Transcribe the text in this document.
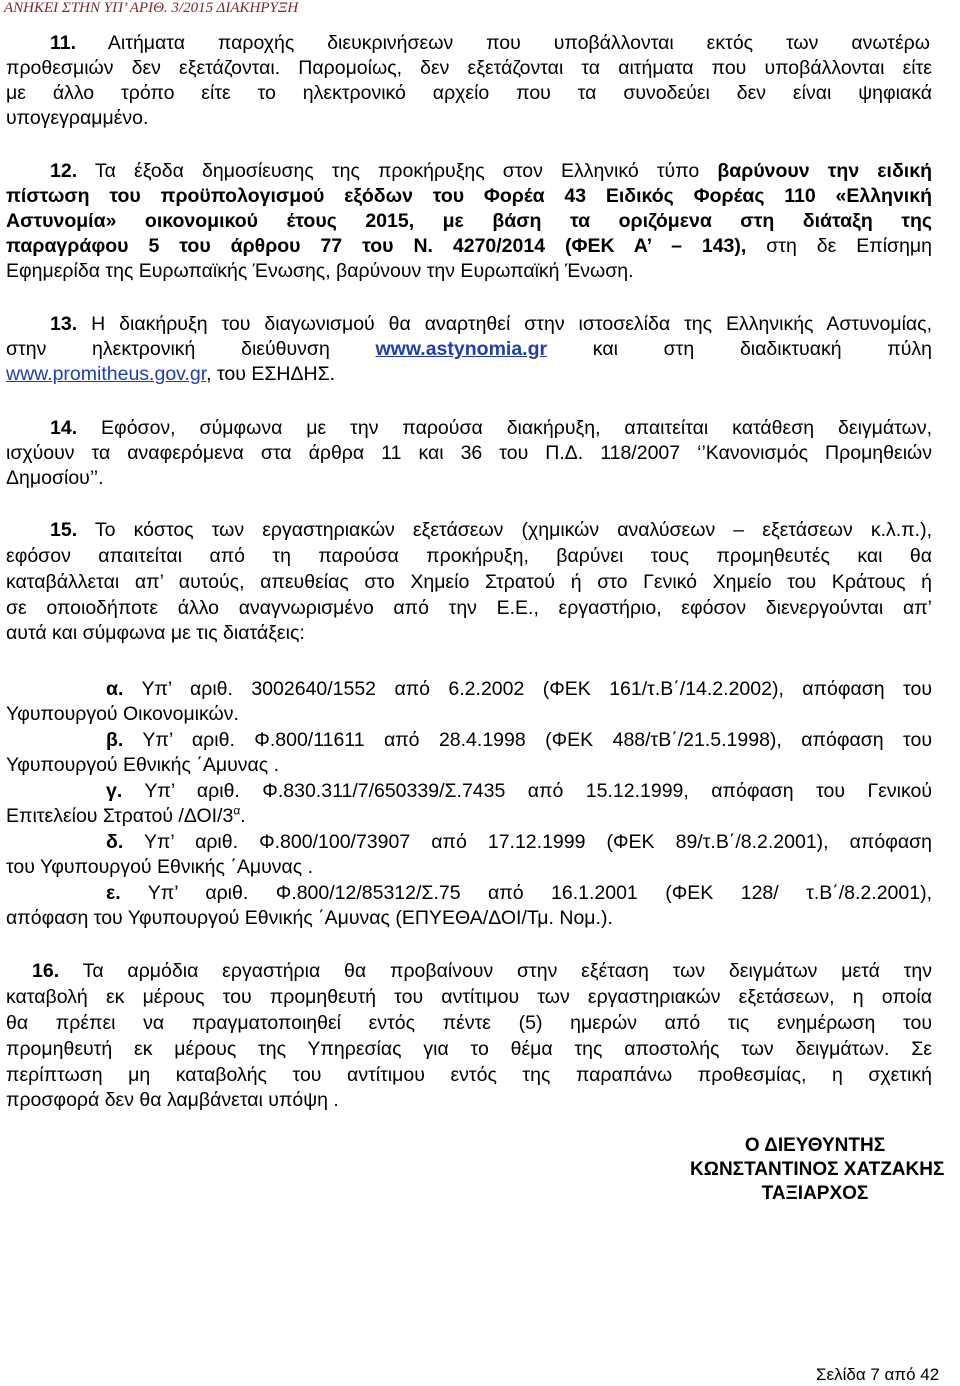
ΑΝΗΚΕΙ ΣΤΗΝ ΥΠ’ ΑΡΙΘ. 3/2015 ΔΙΑΚΗΡΥΞΗ
11. Αιτήματα παροχής διευκρινήσεων που υποβάλλονται εκτός των ανωτέρω
προθεσμιών δεν εξετάζονται. Παρομοίως, δεν εξετάζονται τα αιτήματα που υποβάλλονται είτε
με άλλο τρόπο είτε το ηλεκτρονικό αρχείο που τα συνοδεύει δεν είναι ψηφιακά
υπογεγραμμένο.
12. Τα έξοδα δημοσίευσης της προκήρυξης στον Ελληνικό τύπο βαρύνουν την ειδική
πίστωση του προϋπολογισμού εξόδων του Φορέα 43 Ειδικός Φορέας 110 «Ελληνική
Αστυνομία» οικονομικού έτους 2015, με βάση τα οριζόμενα στη διάταξη της
παραγράφου 5 του άρθρου 77 του Ν. 4270/2014 (ΦΕΚ Α’ – 143), στη δε Επίσημη
Εφημερίδα της Ευρωπαϊκής Ένωσης, βαρύνουν την Ευρωπαϊκή Ένωση.
13. Η διακήρυξη του διαγωνισμού θα αναρτηθεί στην ιστοσελίδα της Ελληνικής Αστυνομίας,
στην ηλεκτρονική διεύθυνση www.astynomia.gr και στη διαδικτυακή πύλη
www.promitheus.gov.gr, του ΕΣΗΔΗΣ.
14. Εφόσον, σύμφωνα με την παρούσα διακήρυξη, απαιτείται κατάθεση δειγμάτων,
ισχύουν τα αναφερόμενα στα άρθρα 11 και 36 του Π.Δ. 118/2007 ‘’Κανονισμός Προμηθειών
Δημοσίου’’.
15. Το κόστος των εργαστηριακών εξετάσεων (χημικών αναλύσεων – εξετάσεων κ.λ.π.),
εφόσον απαιτείται από τη παρούσα προκήρυξη, βαρύνει τους προμηθευτές και θα
καταβάλλεται απ’ αυτούς, απευθείας στο Χημείο Στρατού ή στο Γενικό Χημείο του Κράτους ή
σε οποιοδήποτε άλλο αναγνωρισμένο από την Ε.Ε., εργαστήριο, εφόσον διενεργούνται απ’
αυτά και σύμφωνα με τις διατάξεις:
α. Υπ’ αριθ. 3002640/1552 από 6.2.2002 (ΦΕΚ 161/τ.Β΄/14.2.2002), απόφαση του
Υφυπουργού Οικονομικών.
β. Υπ’ αριθ. Φ.800/11611 από 28.4.1998 (ΦΕΚ 488/τΒ΄/21.5.1998), απόφαση του
Υφυπουργού Εθνικής ΄Αμυνας .
γ. Υπ’ αριθ. Φ.830.311/7/650339/Σ.7435 από 15.12.1999, απόφαση του Γενικού
Επιτελείου Στρατού $/\Delta OI/3^\alpha$.
δ. Υπ’ αριθ. Φ.800/100/73907 από 17.12.1999 (ΦΕΚ 89/τ.Β΄/8.2.2001), απόφαση
του Υφυπουργού Εθνικής ΄Αμυνας .
ε. Υπ’ αριθ. Φ.800/12/85312/Σ.75 από 16.1.2001 (ΦΕΚ 128/ τ.Β΄/8.2.2001),
απόφαση του Υφυπουργού Εθνικής ΄Αμυνας (ΕΠΥΕΘΑ/ΔΟΙ/Τμ. Νομ.).
16. Τα αρμόδια εργαστήρια θα προβαίνουν στην εξέταση των δειγμάτων μετά την
καταβολή εκ μέρους του προμηθευτή του αντίτιμου των εργαστηριακών εξετάσεων, η οποία
θα πρέπει να πραγματοποιηθεί εντός πέντε (5) ημερών από τις ενημέρωση του
προμηθευτή εκ μέρους της Υπηρεσίας για το θέμα της αποστολής των δειγμάτων. Σε
περίπτωση μη καταβολής του αντίτιμου εντός της παραπάνω προθεσμίας, η σχετική
προσφορά δεν θα λαμβάνεται υπόψη .
Ο ΔΙΕΥΘΥΝΤΗΣ
ΚΩΝΣΤΑΝΤΙΝΟΣ ΧΑΤΖΑΚΗΣ
ΤΑΞΙΑΡΧΟΣ
Σελίδα 7 από 42
